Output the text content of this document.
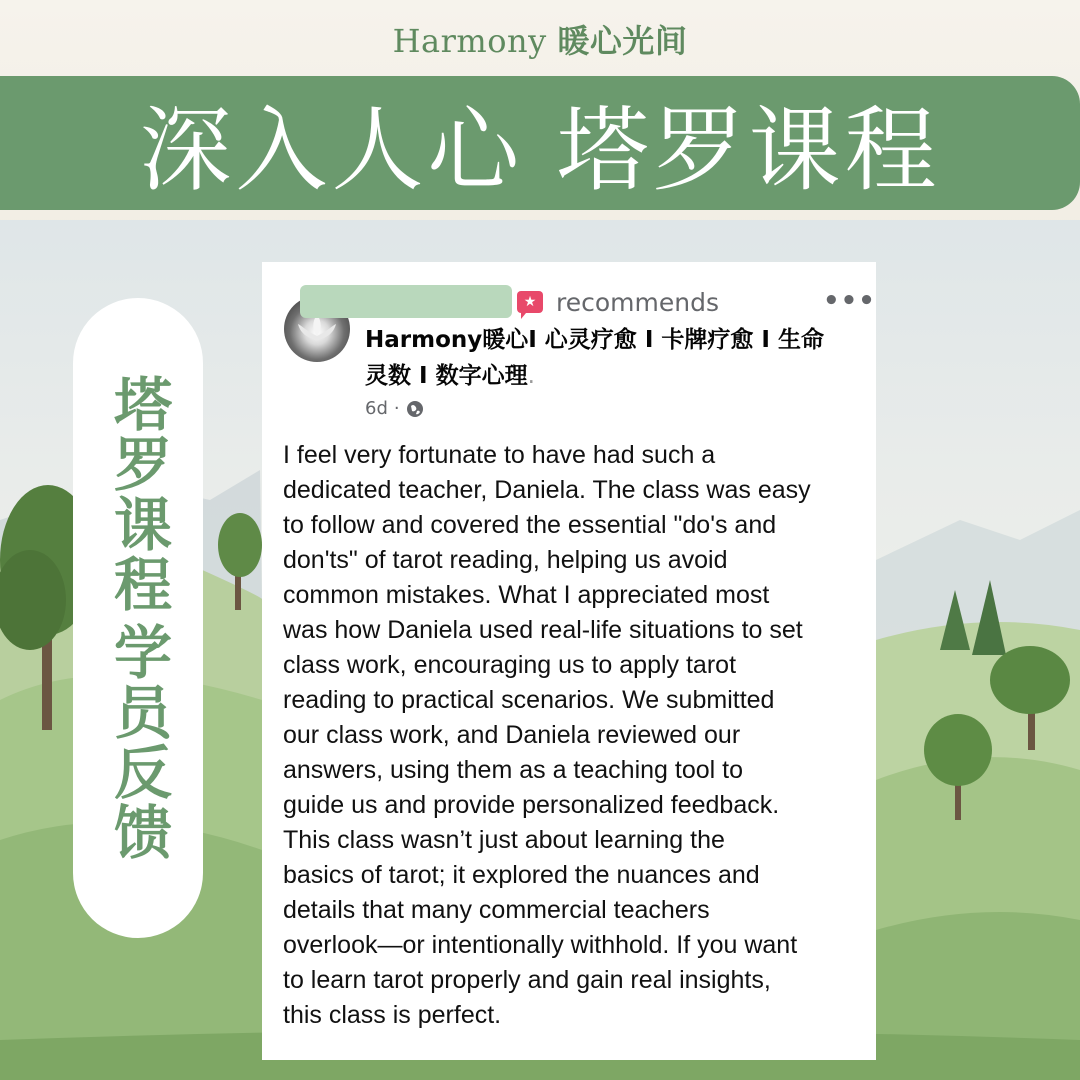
Harmony 暖心光间
深入人心 塔罗课程
塔罗课程
学员反馈
★ recommends	•••
Harmony暖心I 心灵疗愈 I 卡牌疗愈 I 生命灵数 I 数字心理.
6d ·
I feel very fortunate to have had such a
dedicated teacher, Daniela. The class was easy
to follow and covered the essential "do's and
don'ts" of tarot reading, helping us avoid
common mistakes. What I appreciated most
was how Daniela used real-life situations to set
class work, encouraging us to apply tarot
reading to practical scenarios. We submitted
our class work, and Daniela reviewed our
answers, using them as a teaching tool to
guide us and provide personalized feedback.
This class wasn’t just about learning the
basics of tarot; it explored the nuances and
details that many commercial teachers
overlook—or intentionally withhold. If you want
to learn tarot properly and gain real insights,
this class is perfect.
